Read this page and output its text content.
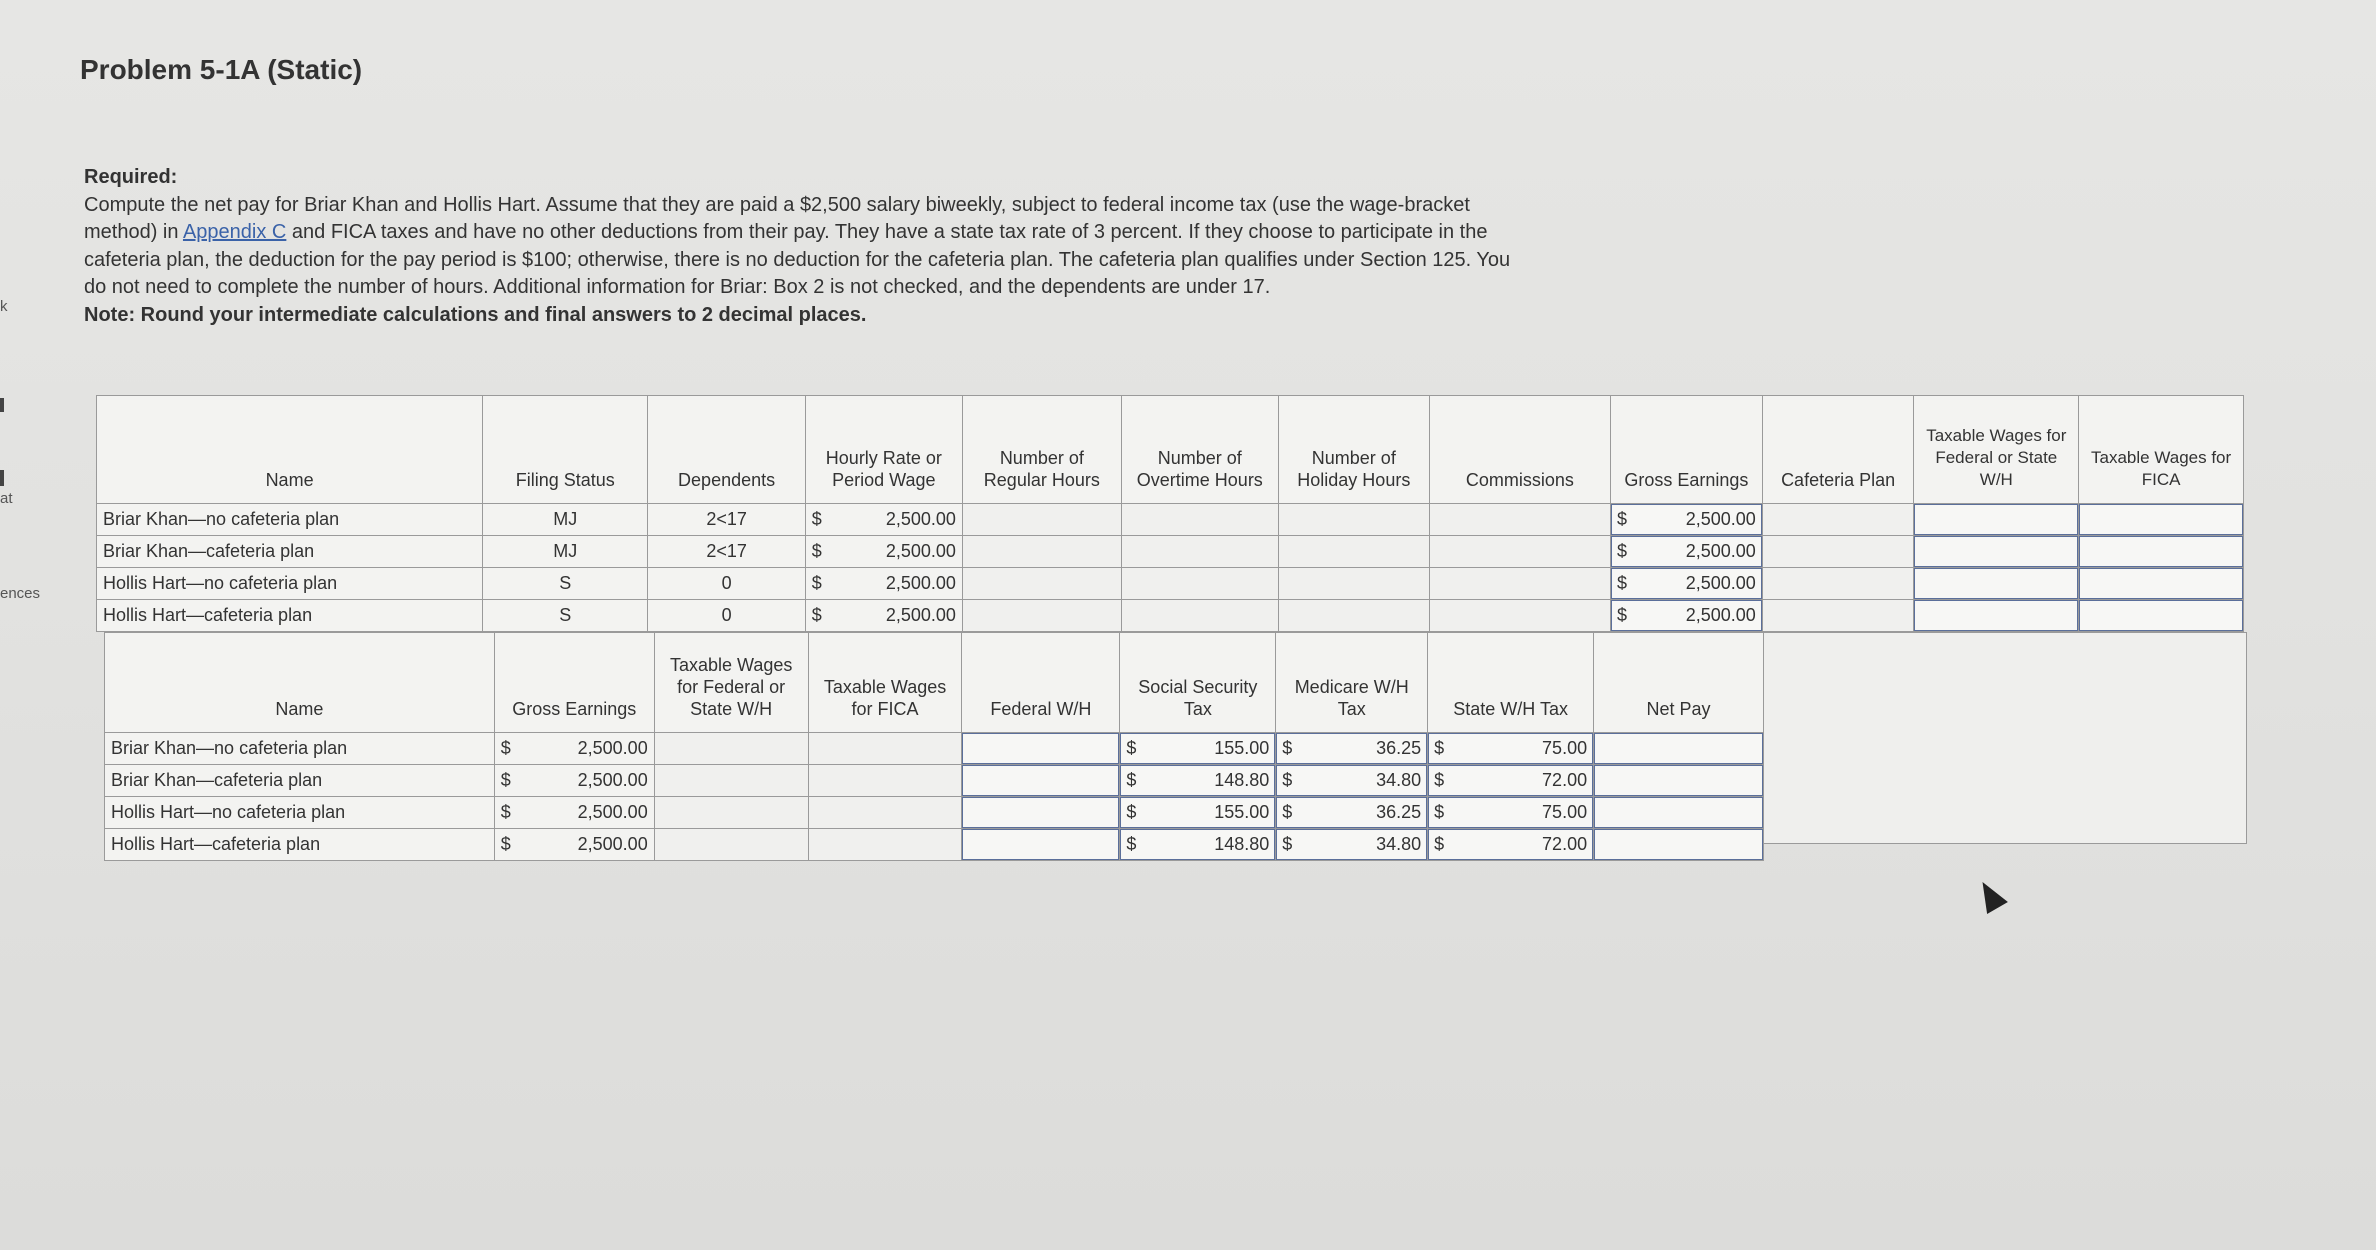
k
at
ences
Problem 5-1A (Static)
Required:
Compute the net pay for Briar Khan and Hollis Hart. Assume that they are paid a $2,500 salary biweekly, subject to federal income tax (use the wage-bracket method) in Appendix C and FICA taxes and have no other deductions from their pay. They have a state tax rate of 3 percent. If they choose to participate in the cafeteria plan, the deduction for the pay period is $100; otherwise, there is no deduction for the cafeteria plan. The cafeteria plan qualifies under Section 125. You do not need to complete the number of hours. Additional information for Briar: Box 2 is not checked, and the dependents are under 17.
Note: Round your intermediate calculations and final answers to 2 decimal places.
Name	Filing Status	Dependents	Hourly Rate or Period Wage	Number of Regular Hours	Number of Overtime Hours	Number of Holiday Hours	Commissions	Gross Earnings	Cafeteria Plan	Taxable Wages for Federal or State W/H	Taxable Wages for FICA
Briar Khan—no cafeteria plan	MJ	2<17	$ 2,500.00					$ 2,500.00			

Briar Khan—cafeteria plan	MJ	2<17	$ 2,500.00					$ 2,500.00			

Hollis Hart—no cafeteria plan	S	0	$ 2,500.00					$ 2,500.00			

Hollis Hart—cafeteria plan	S	0	$ 2,500.00					$ 2,500.00			

Name	Gross Earnings	Taxable Wages for Federal or State W/H	Taxable Wages for FICA	Federal W/H	Social Security Tax	Medicare W/H Tax	State W/H Tax	Net Pay
Briar Khan—no cafeteria plan	$ 2,500.00				$ 155.00	$ 36.25	$ 75.00	

Briar Khan—cafeteria plan	$ 2,500.00				$ 148.80	$ 34.80	$ 72.00	

Hollis Hart—no cafeteria plan	$ 2,500.00				$ 155.00	$ 36.25	$ 75.00	

Hollis Hart—cafeteria plan	$ 2,500.00				$ 148.80	$ 34.80	$ 72.00	
